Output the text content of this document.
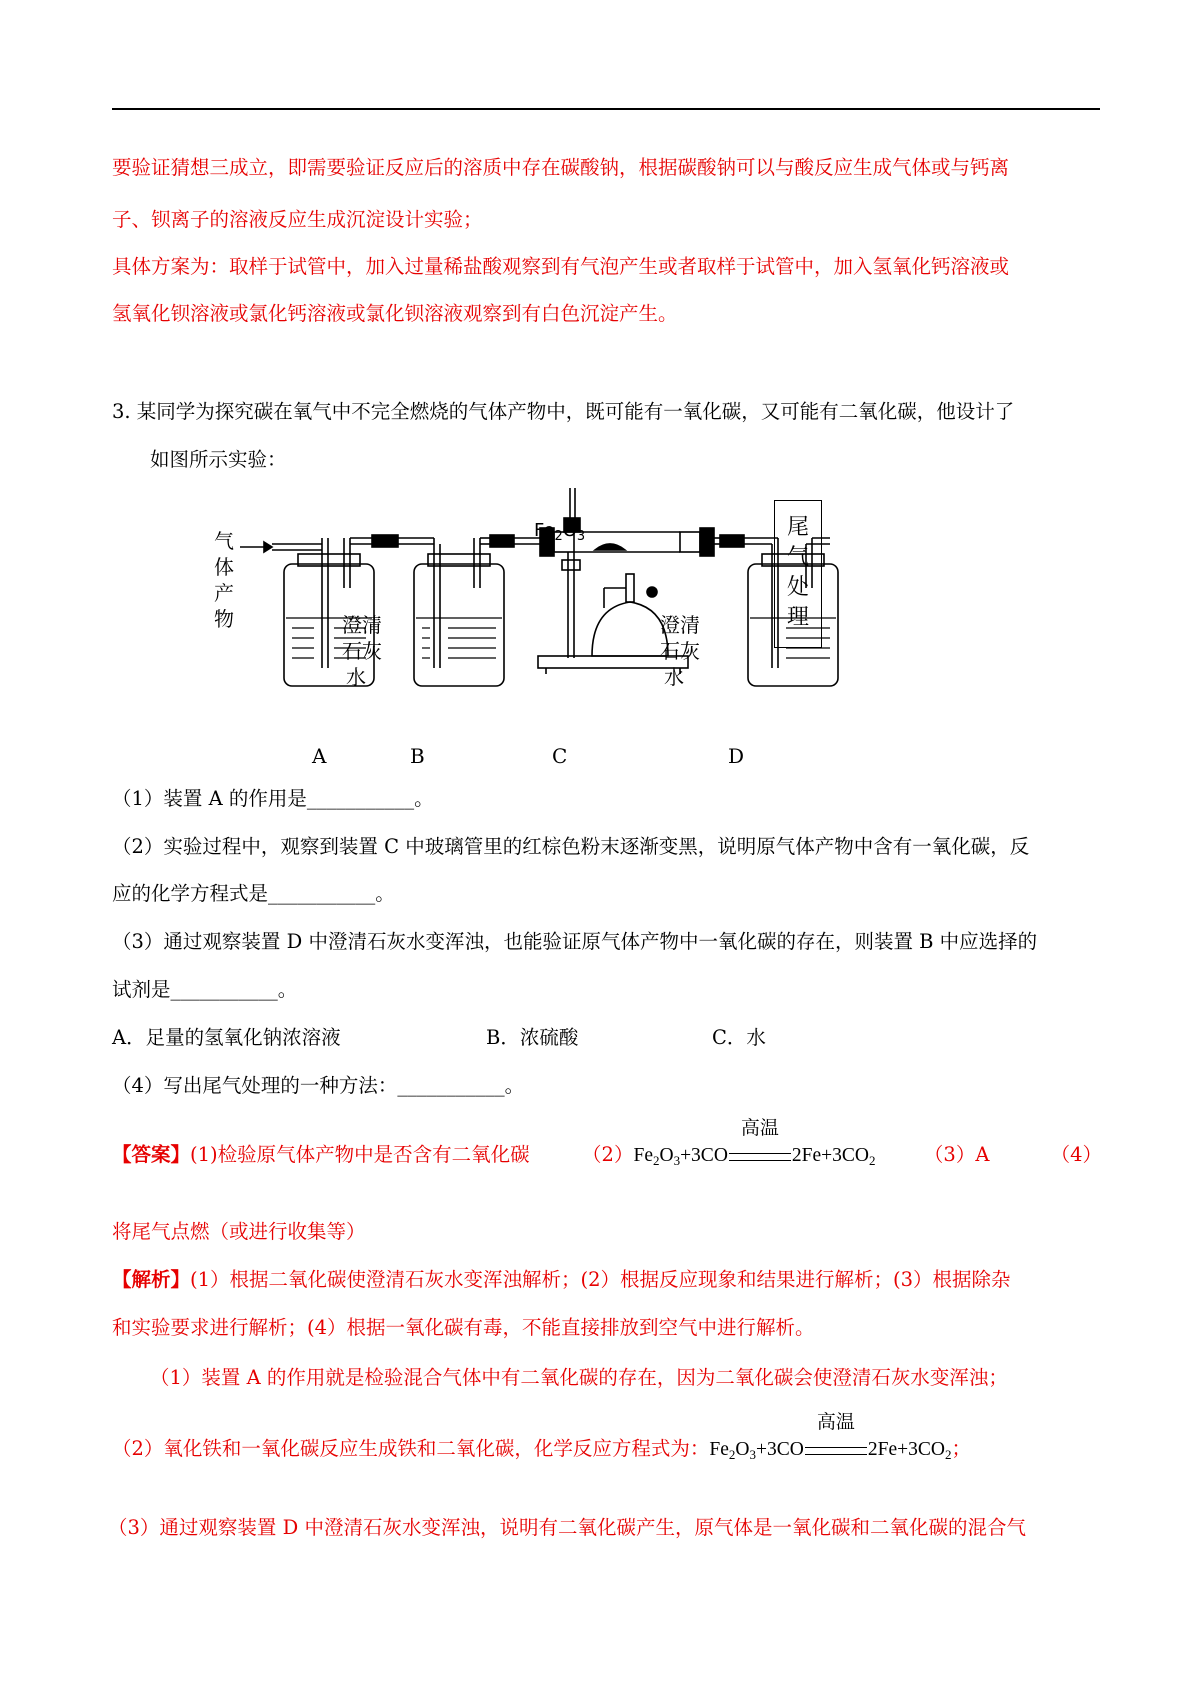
要验证猜想三成立，即需要验证反应后的溶质中存在碳酸钠，根据碳酸钠可以与酸反应生成气体或与钙离
子、钡离子的溶液反应生成沉淀设计实验；
具体方案为：取样于试管中，加入过量稀盐酸观察到有气泡产生或者取样于试管中，加入氢氧化钙溶液或
氢氧化钡溶液或氯化钙溶液或氯化钡溶液观察到有白色沉淀产生。
3. 某同学为探究碳在氧气中不完全燃烧的气体产物中，既可能有一氧化碳，又可能有二氧化碳，他设计了
如图所示实验：
气
体
产
物	澄清
石灰
水
$Fe_2O_3$
澄清
石灰
水
尾
气
处
理
A	B	C	D
（1）装置 A 的作用是___________。
（2）实验过程中，观察到装置 C 中玻璃管里的红棕色粉末逐渐变黑，说明原气体产物中含有一氧化碳，反
应的化学方程式是___________。
（3）通过观察装置 D 中澄清石灰水变浑浊，也能验证原气体产物中一氧化碳的存在，则装置 B 中应选择的
试剂是___________。
A．足量的氢氧化钠浓溶液	B．浓硫酸	C．水
（4）写出尾气处理的一种方法：___________。
【答案】(1)检验原气体产物中是否含有二氧化碳	$(2)Fe_2O_3+3CO$
高温
$2Fe+3CO_2$ （3）A	（4）
将尾气点燃（或进行收集等）
【解析】(1）根据二氧化碳使澄清石灰水变浑浊解析；(2）根据反应现象和结果进行解析；(3）根据除杂
和实验要求进行解析；(4）根据一氧化碳有毒，不能直接排放到空气中进行解析。
（1）装置 A 的作用就是检验混合气体中有二氧化碳的存在，因为二氧化碳会使澄清石灰水变浑浊；
（2）氧化铁和一氧化碳反应生成铁和二氧化碳，化学反应方程式为：$Fe_2O_3+3CO$
高温
$2Fe+3CO_2$；
（3）通过观察装置 D 中澄清石灰水变浑浊，说明有二氧化碳产生，原气体是一氧化碳和二氧化碳的混合气
